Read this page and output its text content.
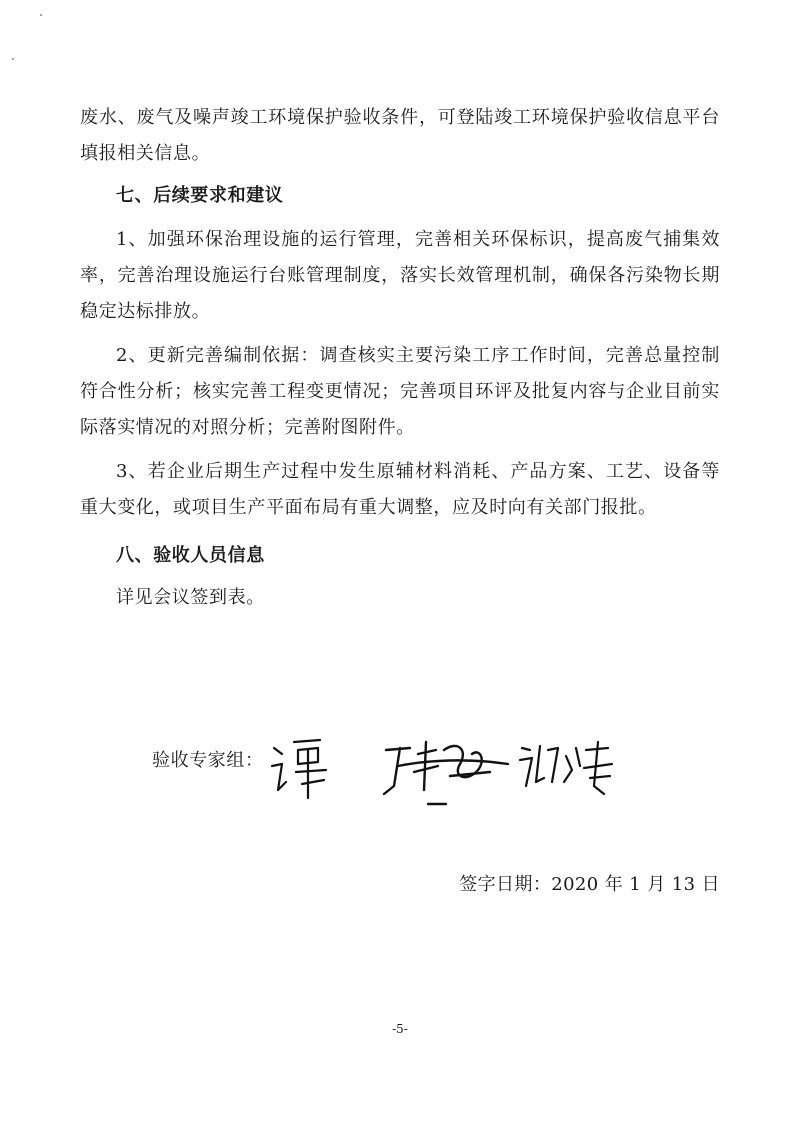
废水、废气及噪声竣工环境保护验收条件，可登陆竣工环境保护验收信息平台填报相关信息。
七、后续要求和建议
1、加强环保治理设施的运行管理，完善相关环保标识，提高废气捕集效率，完善治理设施运行台账管理制度，落实长效管理机制，确保各污染物长期稳定达标排放。
2、更新完善编制依据：调查核实主要污染工序工作时间，完善总量控制符合性分析；核实完善工程变更情况；完善项目环评及批复内容与企业目前实际落实情况的对照分析；完善附图附件。
3、若企业后期生产过程中发生原辅材料消耗、产品方案、工艺、设备等重大变化，或项目生产平面布局有重大调整，应及时向有关部门报批。
八、验收人员信息
详见会议签到表。
验收专家组：
签字日期：2020 年 1 月 13 日
-5-
